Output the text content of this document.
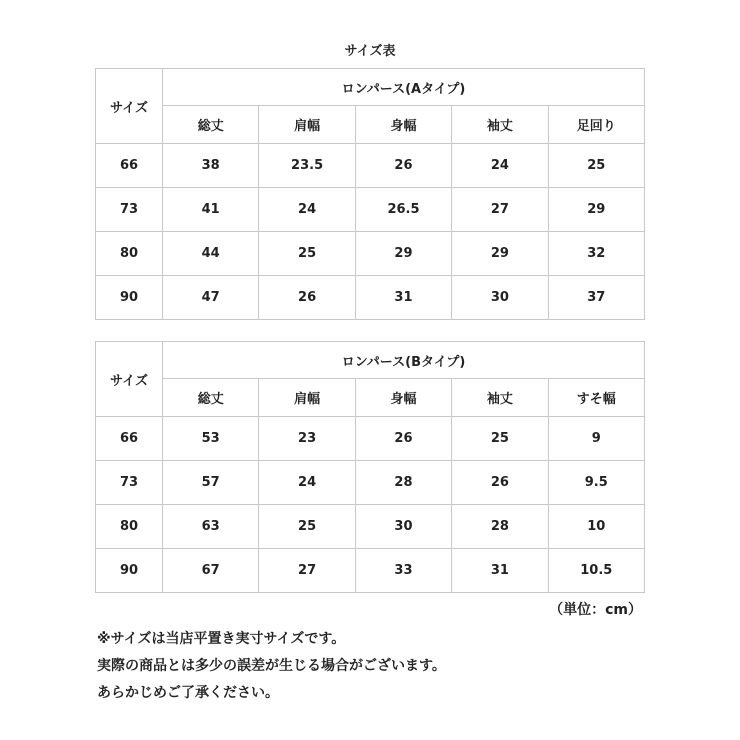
サイズ表
サイズ	ロンパース(Aタイプ)				
	総丈	肩幅	身幅	袖丈	足回り
66	38	23.5	26	24	25
73	41	24	26.5	27	29
80	44	25	29	29	32
90	47	26	31	30	37
サイズ	ロンパース(Bタイプ)				
	総丈	肩幅	身幅	袖丈	すそ幅
66	53	23	26	25	9
73	57	24	28	26	9.5
80	63	25	30	28	10
90	67	27	33	31	10.5
（単位：cm）
※サイズは当店平置き実寸サイズです。
実際の商品とは多少の誤差が生じる場合がございます。
あらかじめご了承ください。
